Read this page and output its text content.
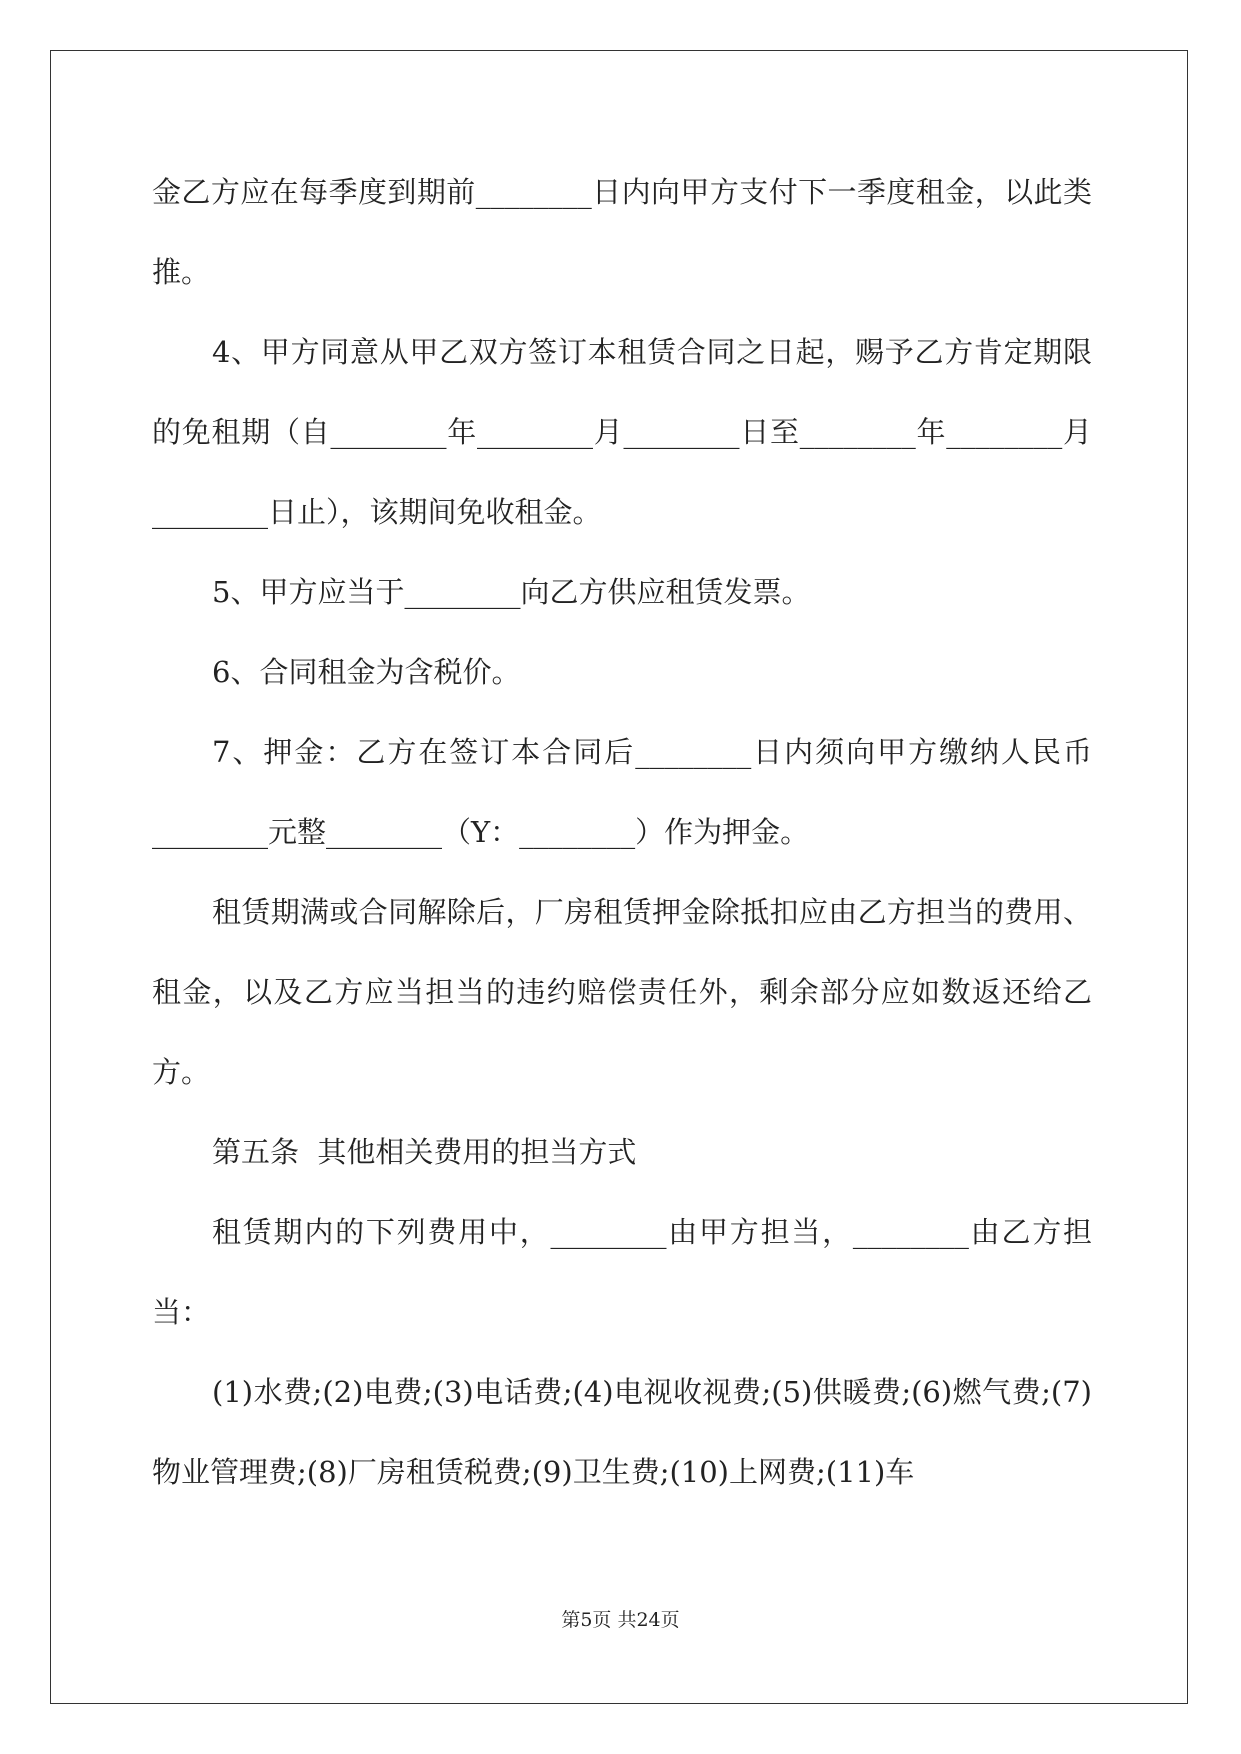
金乙方应在每季度到期前________日内向甲方支付下一季度租金，以此类推。

4、甲方同意从甲乙双方签订本租赁合同之日起，赐予乙方肯定期限的免租期（自________年________月________日至________年________月________日止），该期间免收租金。

5、甲方应当于________向乙方供应租赁发票。

6、合同租金为含税价。

7、押金：乙方在签订本合同后________日内须向甲方缴纳人民币________元整________（Y：________）作为押金。

租赁期满或合同解除后，厂房租赁押金除抵扣应由乙方担当的费用、租金，以及乙方应当担当的违约赔偿责任外，剩余部分应如数返还给乙方。

第五条  其他相关费用的担当方式

租赁期内的下列费用中，________由甲方担当，________由乙方担当：

(1)水费;(2)电费;(3)电话费;(4)电视收视费;(5)供暖费;(6)燃气费;(7)物业管理费;(8)厂房租赁税费;(9)卫生费;(10)上网费;(11)车

第5页 共24页
